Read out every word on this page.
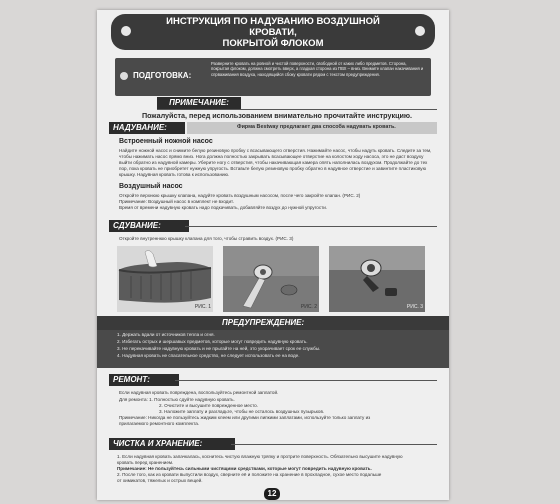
ИНСТРУКЦИЯ ПО НАДУВАНИЮ ВОЗДУШНОЙ КРОВАТИ,
ПОКРЫТОЙ ФЛОКОМ
ПОДГОТОВКА:
Разверните кровать на ровной и чистой поверхности, свободной от каких либо предметов. Сторона, покрытая флоком, должна смотреть вверх, а гладкая сторона из ПВХ – вниз. Внимите клапан накачивания и спрваживания воздуха, находящийся сбоку кровати рядом с текстом предупреждения.
ПРИМЕЧАНИЕ:
Пожалуйста, перед использованием внимательно прочитайте инструкцию.
НАДУВАНИЕ:	Фирма Bestway предлагает два способа надувать кровать.
Встроенный ножной насос
Найдите ножной насос и снимите белую резиновую пробку с всасывающего отверстия. Нажимайте насос, чтобы надуть кровать. Следите за тем, чтобы нажимать насос прямо вниз. Нога должна полностью закрывать всасывающее отверстие на колостом ходу насоса, это не даст воздуху выйти обратно из надувной камеры. Уберите ногу с отверстия, чтобы накачивающая камера опять наполнилась воздухом. Продолжайте до тех пор, пока кровать не приобретет нужную упругость. Вставьте белую резиновую пробку обратно в надувное отверстие и завинтите пластиковую крышку. Надувная кровать готова к использованию.
Воздушный насос
Откройте верхнюю крышку клапана, надуйте кровать воздушным насосом, после чего закройте клапан. (РИС. 2)
Примечание: Воздушный насос в комплект не входит.
Время от времени надувную кровать надо подкачивать, добавляйте воздух до нужной упругости.
СДУВАНИЕ:
Откройте внутреннюю крышку клапана для того, чтобы стравить воздух. (РИС. 3)
РИС. 1	РИС. 2	РИС. 3
ПРЕДУПРЕЖДЕНИЕ:
1. Держать вдали от источников тепла и огня.
2. Избегать острых и шершавых предметов, которые могут повредить надувную кровать.
3. Не перекачивайте надувную кровать и не прыгайте на ней, это укорачивает срок ее службы.
4. Надувная кровать не спасательное средство, не следует использовать ее на воде.
РЕМОНТ:
Если надувная кровать повреждена, воспользуйтесь ремонтной заплатой.
Для ремонта: 1. Полностью сдуйте надувную кровать.
2. Очистите и высушите поврежденное место.
3. Наложите заплату и разгладьте, чтобы не осталось воздушных пузырьков.
Примечание: Никогда не пользуйтесь жидким клеем или другими липкими заплатами, используйте только заплату из
прилагаемого ремонтного комплекта.
ЧИСТКА И ХРАНЕНИЕ:
1. Если надувная кровать запачкалась, коснитесь чистую влажную тряпку и протрите поверхность. Обязательно высушите надувную
кровать перед хранением.
Примечание: Не пользуйтесь сильными чистящими средствами, которые могут повредить надувную кровать.
2. После того, как из кровати выпустили воздух, сверните её и положите на хранение в прохладное, сухое место подальше
от химикатов, тяжелых и острых вещей.
12
